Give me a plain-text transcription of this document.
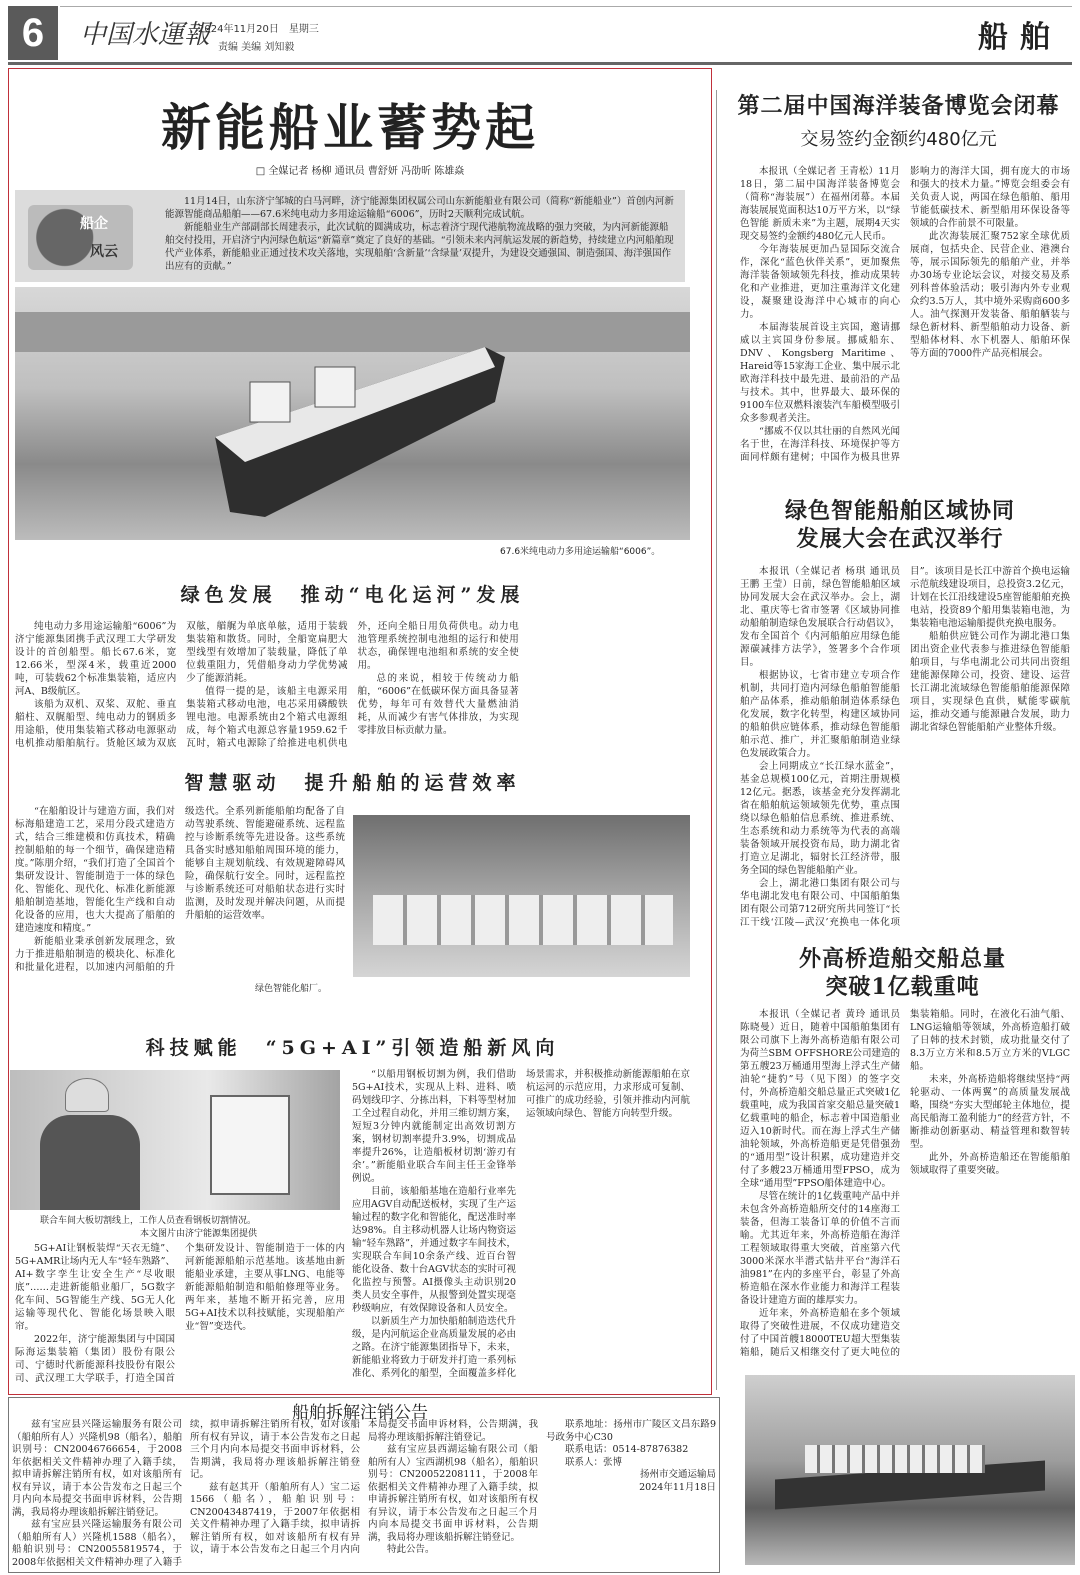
6	中国水運報
2024年11月20日　星期三
责编 美编 刘知毅	船舶
新能船业蓄势起
□ 全媒记者 杨柳 通讯员 曹舒妍 冯劭昕 陈雄焱

11月14日，山东济宁邹城的白马河畔，济宁能源集团权属公司山东新能船业有限公司（简称“新能船业”）首创内河新能源智能商品船舶——67.6米纯电动力多用途运输船“6006”，历时2天顺利完成试航。

新能船业生产部副部长周建表示，此次试航的圆满成功，标志着济宁现代港航物流战略的强力突破，为内河新能源船舶交付投用，开启济宁内河绿色航运“新篇章”奠定了良好的基础。“引领未来内河航运发展的新趋势，持续建立内河船舶现代产业体系，新能船业正通过技术攻关落地，实现船舶‘含新量’‘含绿量’双提升，为建设交通强国、制造强国、海洋强国作出应有的贡献。”

船企
风云
67.6米纯电动力多用途运输船“6006”。
绿色发展　推动“电化运河”发展

纯电动力多用途运输船“6006”为济宁能源集团携手武汉理工大学研发设计的首创船型。船长67.6米，宽12.66米，型深4米，载重近2000吨，可装载62个标准集装箱，适应内河A、B级航区。

该船为双机、双桨、双舵、垂直艏柱、双艉船型、纯电动力的钢质多用途船，使用集装箱式移动电源驱动电机推动船舶航行。货舱区域为双底双舷，艏艉为单底单舷，适用于装载集装箱和散货。同时，全船宽扁肥大型线型有效增加了装载量，降低了单位载重阻力，凭借船身动力学优势减少了能源消耗。

值得一提的是，该船主电源采用集装箱式移动电池，电芯采用磷酸铁锂电池。电源系统由2个箱式电源组成，每个箱式电源总容量1959.62千瓦时，箱式电源除了给推进电机供电外，还向全船日用负荷供电。动力电池管理系统控制电池组的运行和使用状态，确保锂电池组和系统的安全使用。

总的来说，相较于传统动力船舶，“6006”在低碳环保方面具备显著优势，每年可有效替代大量燃油消耗，从而减少有害气体排放，为实现零排放目标贡献力量。

智慧驱动　提升船舶的运营效率

“在船舶设计与建造方面，我们对标海船建造工艺，采用分段式建造方式，结合三维建模和仿真技术，精确控制船舶的每一个细节，确保建造精度。”陈朋介绍，“我们打造了全国首个集研发设计、智能制造于一体的绿色化、智能化、现代化、标准化新能源船舶制造基地，智能化生产线和自动化设备的应用，也大大提高了船舶的建造速度和精度。”

新能船业秉承创新发展理念，致力于推进船舶制造的模块化、标准化和批量化进程，以加速内河船舶的升级迭代。全系列新能船舶均配备了自动驾驶系统、智能避碰系统、远程监控与诊断系统等先进设备。这些系统具备实时感知船舶周围环境的能力，能够自主规划航线、有效规避障碍风险，确保航行安全。同时，远程监控与诊断系统还可对船舶状态进行实时监测，及时发现并解决问题，从而提升船舶的运营效率。

绿色智能化船厂。
科技赋能　“5G+AI”引领造船新风向
联合车间大板切割线上，工作人员查看钢板切割情况。
本文图片由济宁能源集团提供

5G+AI让钢板装焊“天衣无缝”、5G+AMR让场内无人车“轻车熟路”、AI+数字孪生让安全生产“尽收眼底”……走进新能船业船厂，5G数字化车间、5G智能生产线、5G无人化运输等现代化、智能化场景映入眼帘。

2022年，济宁能源集团与中国国际海运集装箱（集团）股份有限公司、宁德时代新能源科技股份有限公司、武汉理工大学联手，打造全国首个集研发设计、智能制造于一体的内河新能源船舶示范基地。该基地由新能船业承建，主要从事LNG、电能等新能源船舶制造和船舶修理等业务。两年来，基地不断开拓完善，应用5G+AI技术以科技赋能，实现船舶产业“智”变迭代。

“以船用钢板切割为例，我们借助5G+AI技术，实现从上料、进料、喷码划线印字、分拣出料，下料等型材加工全过程自动化，并用三维切割方案，短短3分钟内就能制定出高效切割方案，钢材切割率提升3.9%，切割成品率提升26%，让造船板材切割‘游刃有余’。”新能船业联合车间主任王金锋举例说。

目前，该船船基地在造船行业率先应用AGV自动配送板材，实现了生产运输过程的数字化和智能化，配送准时率达98%。自主移动机器人让场内物资运输“轻车熟路”，并通过数字车间技术，实现联合车间10余条产线、近百台智能化设备、数十台AGV状态的实时可视化监控与预警。AI摄像头主动识别20类人员安全事件，从报警到处置实现毫秒级响应，有效保障设备和人员安全。

以新质生产力加快船舶制造迭代升级，是内河航运企业高质量发展的必由之路。在济宁能源集团指导下，未来，新能船业将致力于研发并打造一系列标准化、系列化的船型，全面覆盖多样化场景需求，并积极推动新能源船舶在京杭运河的示范应用，力求形成可复制、可推广的成功经验，引领并推动内河航运领域向绿色、智能方向转型升级。

第二届中国海洋装备博览会闭幕
交易签约金额约480亿元

本报讯（全媒记者 王青松）11月18日，第二届中国海洋装备博览会（简称“海装展”）在福州闭幕。本届海装展展览面积达10万平方米，以“绿色智能 新质未来”为主题，展期4天实现交易签约金额约480亿元人民币。

今年海装展更加凸显国际交流合作，深化“蓝色伙伴关系”，更加聚焦海洋装备领域领先科技，推动成果转化和产业推进，更加注重海洋文化建设，凝聚建设海洋中心城市的向心力。

本届海装展首设主宾国，邀请挪威以主宾国身份参展。挪威船东、DNV、Kongsberg Maritime、Hareid等15家海工企业、集中展示北欧海洋科技中最先进、最前沿的产品与技术。其中，世界最大、最环保的9100车位双燃料滚装汽车船模型吸引众多参观者关注。

“挪威不仅以其壮丽的自然风光闻名于世，在海洋科技、环境保护等方面同样颇有建树；中国作为极具世界影响力的海洋大国，拥有庞大的市场和强大的技术力量。”博览会组委会有关负责人说，两国在绿色船舶、船用节能低碳技术、新型船用环保设备等领域的合作前景不可限量。

此次海装展汇聚752家全球优质展商，包括央企、民营企业、港澳台等，展示国际领先的船舶产业，并举办30场专业论坛会议，对接交易及系列科普体验活动；吸引海内外专业观众约3.5万人，其中境外采购商600多人。油气探测开发装备、船舶舾装与绿色新材料、新型船舶动力设备、新型船体材料、水下机器人、船舶环保等方面的7000件产品亮相展会。

绿色智能船舶区域协同发展大会在武汉举行

本报讯（全媒记者 杨琪 通讯员 王鹏 王莹）日前，绿色智能船舶区域协同发展大会在武汉举办。会上，湖北、重庆等七省市签署《区域协同推动船舶制造绿色发展联合行动倡议》，发布全国首个《内河船舶应用绿色能源碳减排方法学》，签署多个合作项目。

根据协议，七省市建立专项合作机制，共同打造内河绿色船舶智能船舶产品体系，推动船舶制造体系绿色化发展，数字化转型，构建区域协同的船舶供应链体系，推动绿色智能船舶示范、推广，并汇聚船舶制造业绿色发展政策合力。

会上同期成立“长江绿水蓝金”，基金总规模100亿元，首期注册规模12亿元。据悉，该基金充分发挥湖北省在船舶航运领域领先优势，重点围绕以绿色船舶信息系统、推进系统、生态系统和动力系统等为代表的高端装备领域开展投资布局，助力湖北省打造立足湖北，辐射长江经济带，服务全国的绿色智能船舶产业。

会上，湖北港口集团有限公司与华电湖北发电有限公司、中国船舶集团有限公司第712研究所共同签订“长江干线‘江陵—武汉’充换电一体化项目”。该项目是长江中游首个换电运输示范航线建设项目，总投资3.2亿元，计划在长江沿线建设5座智能船舶充换电站，投资89个船用集装箱电池，为集装箱电池运输船提供充换电服务。

船舶供应链公司作为湖北港口集团出资企业代表参与推进绿色智能船舶项目，与华电湖北公司共同出资组建能源保障公司，投资、建设、运营长江湖北流域绿色智能船舶能源保障项目，实现绿色直供，赋能零碳航运，推动交通与能源融合发展，助力湖北省绿色智能船舶产业整体升级。

外高桥造船交船总量突破1亿载重吨

本报讯（全媒记者 黄玲 通讯员 陈晓曼）近日，随着中国船舶集团有限公司旗下上海外高桥造船有限公司为荷兰SBM OFFSHORE公司建造的第五艘23万桶通用型海上浮式生产储油轮“捷豹”号（见下图）的签字交付，外高桥造船交船总量正式突破1亿载重吨，成为我国首家交船总量突破1亿载重吨的船企，标志着中国造船业迈入10新时代。而在海上浮式生产储油轮领域，外高桥造船更是凭借强劲的“通用型”设计积累，成功建造并交付了多艘23万桶通用型FPSO，成为全球“通用型”FPSO船体建造中心。

尽管在统计的1亿载重吨产品中并未包含外高桥造船所交付的14座海工装备，但海工装备订单的价值不言而喻。尤其近年来，外高桥造船在海洋工程领域取得重大突破，首座第六代3000米深水半潜式钻井平台“海洋石油981”在内的多座平台，彰显了外高桥造船在深水作业能力和海洋工程装备设计建造方面的雄厚实力。

近年来，外高桥造船在多个领域取得了突破性进展，不仅成功建造交付了中国首艘18000TEU超大型集装箱船，随后又相继交付了更大吨位的集装箱船。同时，在液化石油气船、LNG运输船等领域，外高桥造船打破了日韩的技术封锁，成功批量交付了8.3万立方米和8.5万立方米的VLGC船。

未来，外高桥造船将继续坚持“两轮驱动、一体两翼”的高质量发展战略，围绕“夯实大型邮轮主体地位，提高民船海工盈利能力”的经营方针，不断推动创新驱动、精益管理和数智转型。

此外，外高桥造船还在智能船舶领域取得了重要突破。

船舶拆解注销公告

兹有宝应县兴隆运输服务有限公司（船舶所有人）兴隆机98（船名），船舶识别号：CN20046766654，于2008年依据相关文件精神办理了入籍手续，拟申请拆解注销所有权，如对该船所有权有异议，请于本公告发布之日起三个月内向本局提交书面申诉材料，公告期满，我局将办理该船拆解注销登记。

兹有宝应县兴隆运输服务有限公司（船舶所有人）兴隆机1588（船名），船舶识别号：CN20055819574，于2008年依据相关文件精神办理了入籍手续，拟申请拆解注销所有权，如对该船所有权有异议，请于本公告发布之日起三个月内向本局提交书面申诉材料，公告期满，我局将办理该船拆解注销登记。

兹有赵其开（船舶所有人）宝二运1566（船名），船舶识别号：CN20043487419，于2007年依据相关文件精神办理了入籍手续，拟申请拆解注销所有权，如对该船所有权有异议，请于本公告发布之日起三个月内向本局提交书面申诉材料，公告期满，我局将办理该船拆解注销登记。

兹有宝应县西湖运输有限公司（船舶所有人）宝西湖机98（船名），船舶识别号：CN20052208111，于2008年依据相关文件精神办理了入籍手续，拟申请拆解注销所有权，如对该船所有权有异议，请于本公告发布之日起三个月内向本局提交书面申诉材料，公告期满，我局将办理该船拆解注销登记。

特此公告。

联系地址：扬州市广陵区文昌东路9号政务中心C30

联系电话：0514-87876382

联系人：张博

扬州市交通运输局

2024年11月18日
